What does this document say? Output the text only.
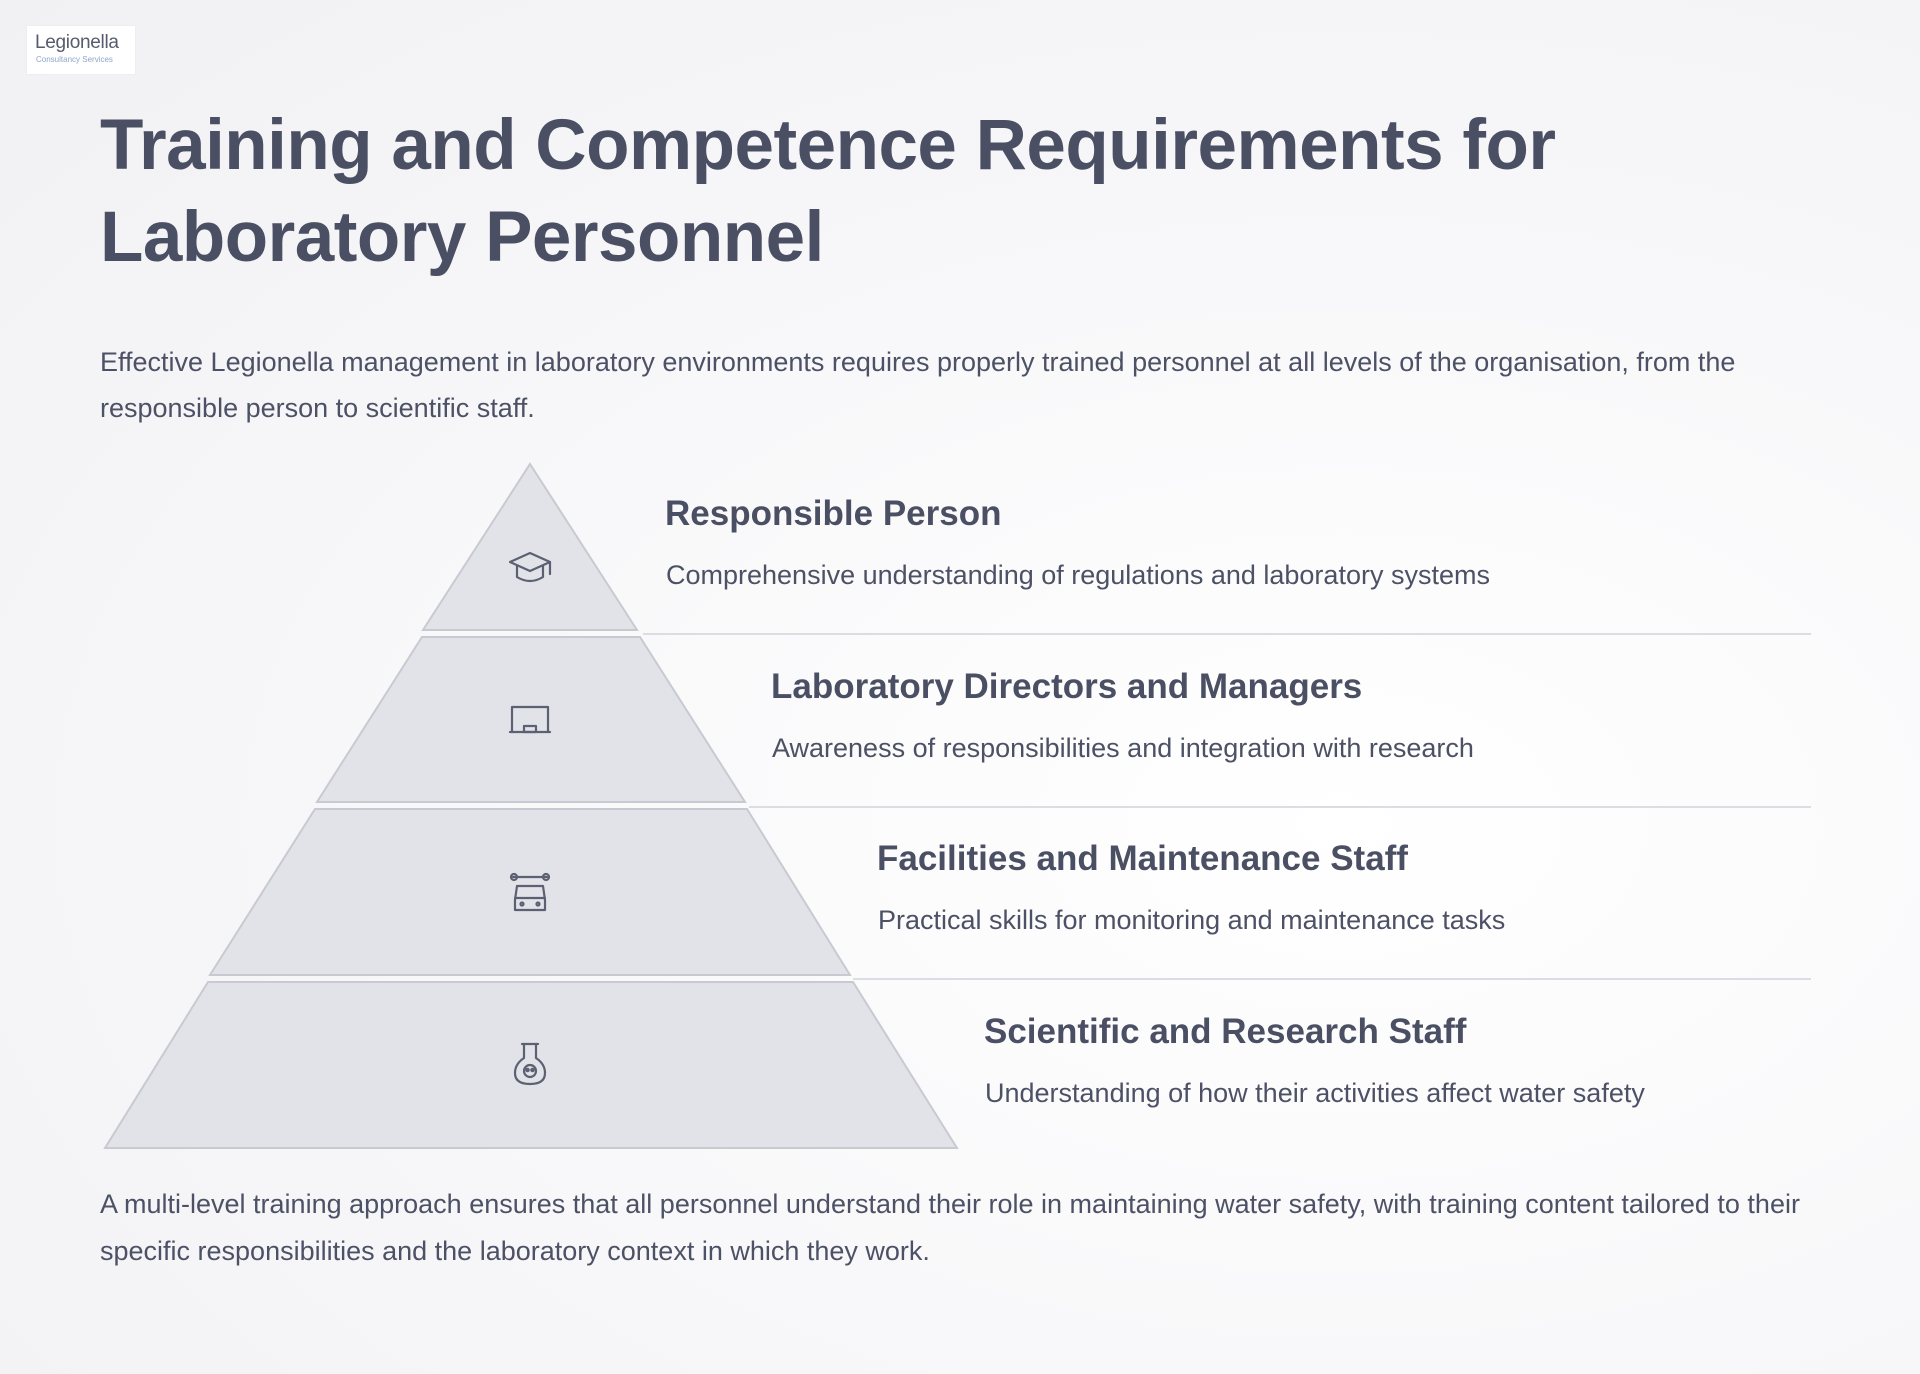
Legionella
Consultancy Services
Training and Competence Requirements for Laboratory Personnel

Effective Legionella management in laboratory environments requires properly trained personnel at all levels of the organisation, from the responsible person to scientific staff.

Responsible Person

Comprehensive understanding of regulations and laboratory systems

Laboratory Directors and Managers

Awareness of responsibilities and integration with research

Facilities and Maintenance Staff

Practical skills for monitoring and maintenance tasks

Scientific and Research Staff

Understanding of how their activities affect water safety

A multi-level training approach ensures that all personnel understand their role in maintaining water safety, with training content tailored to their specific responsibilities and the laboratory context in which they work.
